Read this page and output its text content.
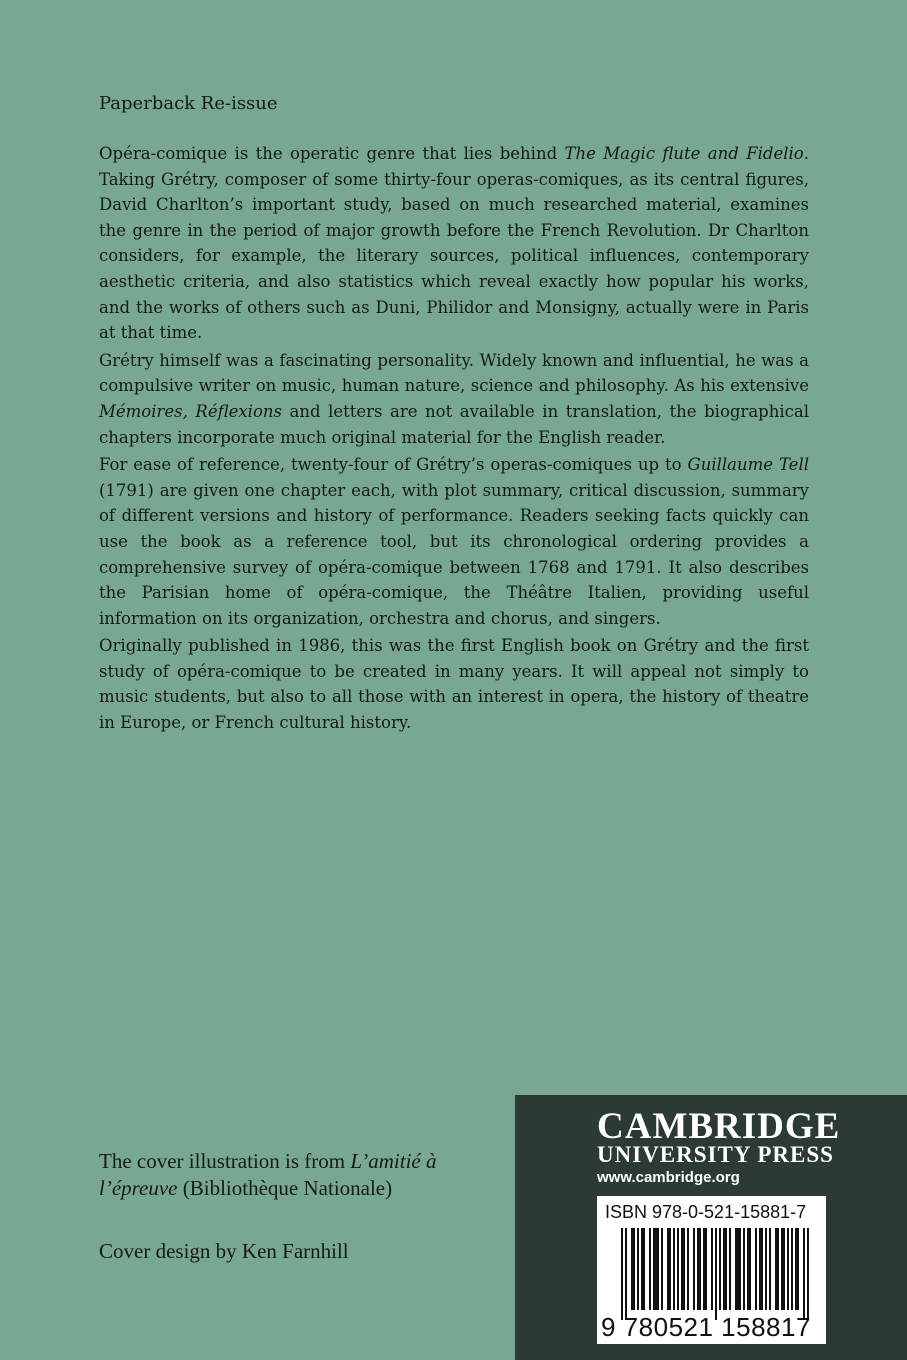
Paperback Re-issue

Opéra-comique is the operatic genre that lies behind The Magic flute and Fidelio. Taking Grétry, composer of some thirty-four operas-comiques, as its central figures, David Charlton’s important study, based on much researched material, examines the genre in the period of major growth before the French Revolution. Dr Charlton considers, for example, the literary sources, political influences, contemporary aesthetic criteria, and also statistics which reveal exactly how popular his works, and the works of others such as Duni, Philidor and Monsigny, actually were in Paris at that time.

Grétry himself was a fascinating personality. Widely known and influential, he was a compulsive writer on music, human nature, science and philosophy. As his extensive Mémoires, Réflexions and letters are not available in translation, the biographical chapters incorporate much original material for the English reader.

For ease of reference, twenty-four of Grétry’s operas-comiques up to Guillaume Tell (1791) are given one chapter each, with plot summary, critical discussion, summary of different versions and history of performance. Readers seeking facts quickly can use the book as a reference tool, but its chronological ordering provides a comprehensive survey of opéra-comique between 1768 and 1791. It also describes the Parisian home of opéra-comique, the Théâtre Italien, providing useful information on its organization, orchestra and chorus, and singers.

Originally published in 1986, this was the first English book on Grétry and the first study of opéra-comique to be created in many years. It will appeal not simply to music students, but also to all those with an interest in opera, the history of theatre in Europe, or French cultural history.

The cover illustration is from L’amitié à l’épreuve (Bibliothèque Nationale)
Cover design by Ken Farnhill
CAMBRIDGE
UNIVERSITY PRESS
www.cambridge.org
ISBN 978-0-521-15881-7
9 780521 158817
